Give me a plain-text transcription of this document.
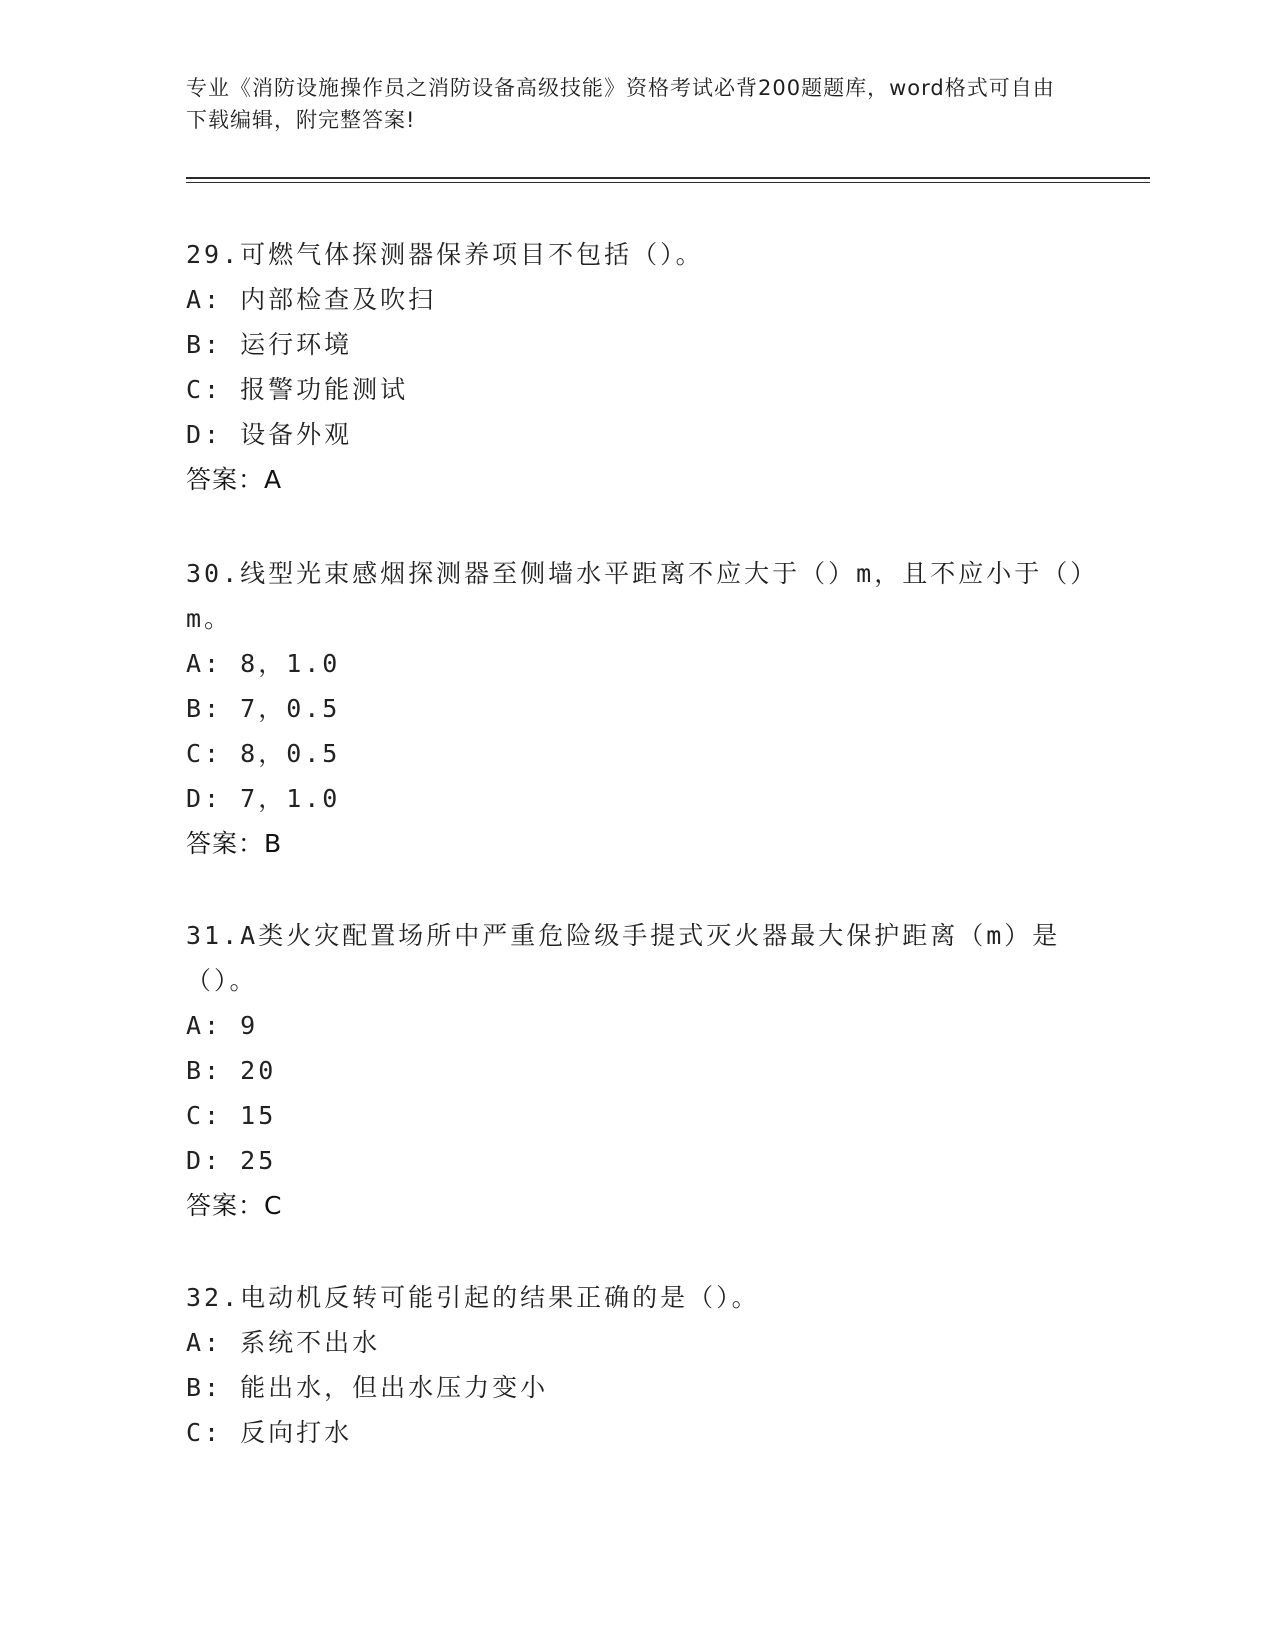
专业《消防设施操作员之消防设备高级技能》资格考试必背200题题库，word格式可自由下载编辑，附完整答案!
29.可燃气体探测器保养项目不包括（）。
A: 内部检查及吹扫
B: 运行环境
C: 报警功能测试
D: 设备外观
答案：A
30.线型光束感烟探测器至侧墙水平距离不应大于（）m，且不应小于（）m。
A: 8，1.0
B: 7，0.5
C: 8，0.5
D: 7，1.0
答案：B
31.A类火灾配置场所中严重危险级手提式灭火器最大保护距离（m）是（）。
A: 9
B: 20
C: 15
D: 25
答案：C
32.电动机反转可能引起的结果正确的是（）。
A: 系统不出水
B: 能出水，但出水压力变小
C: 反向打水
